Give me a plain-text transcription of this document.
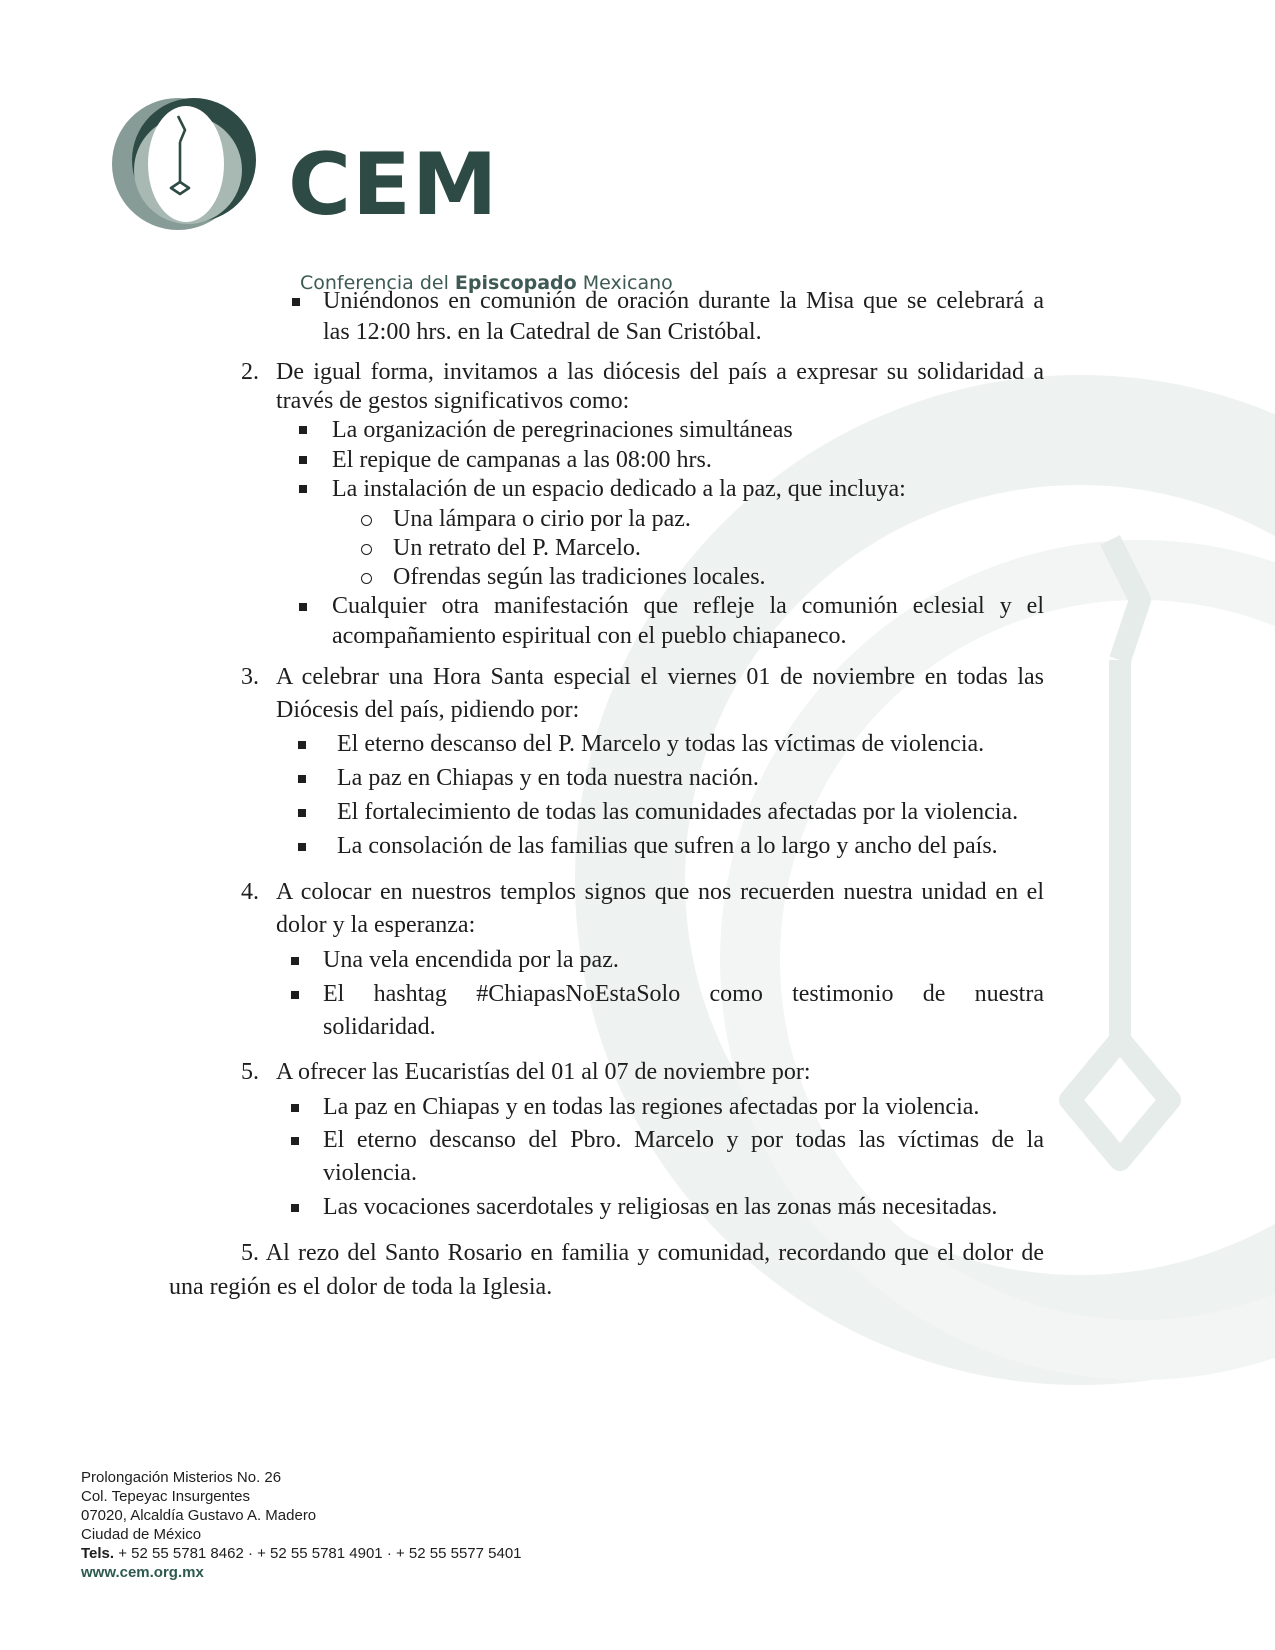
CEM
Conferencia del Episcopado Mexicano
Uniéndonos en comunión de oración durante la Misa que se celebrará a
las 12:00 hrs. en la Catedral de San Cristóbal.
2. De igual forma, invitamos a las diócesis del país a expresar su solidaridad a
través de gestos significativos como:
La organización de peregrinaciones simultáneas
El repique de campanas a las 08:00 hrs.
La instalación de un espacio dedicado a la paz, que incluya:
Una lámpara o cirio por la paz.
Un retrato del P. Marcelo.
Ofrendas según las tradiciones locales.
Cualquier otra manifestación que refleje la comunión eclesial y el
acompañamiento espiritual con el pueblo chiapaneco.
3. A celebrar una Hora Santa especial el viernes 01 de noviembre en todas las
Diócesis del país, pidiendo por:
El eterno descanso del P. Marcelo y todas las víctimas de violencia.
La paz en Chiapas y en toda nuestra nación.
El fortalecimiento de todas las comunidades afectadas por la violencia.
La consolación de las familias que sufren a lo largo y ancho del país.
4. A colocar en nuestros templos signos que nos recuerden nuestra unidad en el
dolor y la esperanza:
Una vela encendida por la paz.
El hashtag #ChiapasNoEstaSolo como testimonio de nuestra
solidaridad.
5. A ofrecer las Eucaristías del 01 al 07 de noviembre por:
La paz en Chiapas y en todas las regiones afectadas por la violencia.
El eterno descanso del Pbro. Marcelo y por todas las víctimas de la
violencia.
Las vocaciones sacerdotales y religiosas en las zonas más necesitadas.
5. Al rezo del Santo Rosario en familia y comunidad, recordando que el dolor de
una región es el dolor de toda la Iglesia.
Prolongación Misterios No. 26
Col. Tepeyac Insurgentes
07020, Alcaldía Gustavo A. Madero
Ciudad de México
Tels. + 52 55 5781 8462 · + 52 55 5781 4901 · + 52 55 5577 5401
www.cem.org.mx
